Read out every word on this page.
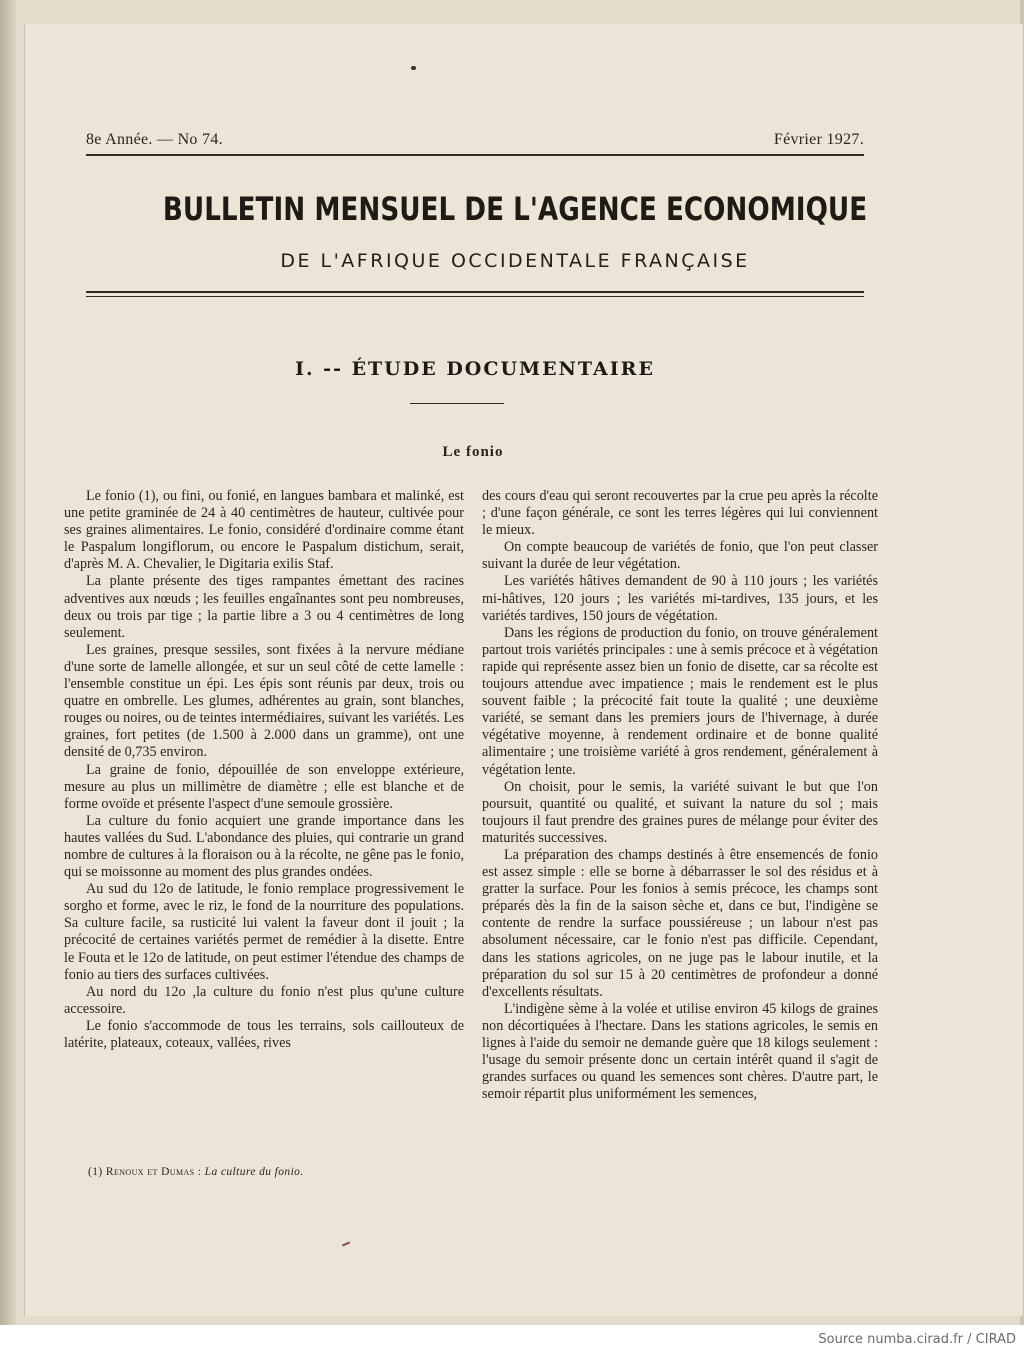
8e Année. — No 74.	Février 1927.
BULLETIN MENSUEL DE L'AGENCE ECONOMIQUE
DE L'AFRIQUE OCCIDENTALE FRANÇAISE
I. -- ÉTUDE DOCUMENTAIRE
Le fonio

Le fonio (1), ou fini, ou fonié, en langues bambara et malinké, est une petite graminée de 24 à 40 centimètres de hauteur, cultivée pour ses graines alimentaires. Le fonio, considéré d'ordinaire comme étant le Paspalum longiflorum, ou encore le Paspalum distichum, serait, d'après M. A. Chevalier, le Digitaria exilis Staf.

La plante présente des tiges rampantes émettant des racines adventives aux nœuds ; les feuilles engaînantes sont peu nombreuses, deux ou trois par tige ; la partie libre a 3 ou 4 centimètres de long seulement.

Les graines, presque sessiles, sont fixées à la nervure médiane d'une sorte de lamelle allongée, et sur un seul côté de cette lamelle : l'ensemble constitue un épi. Les épis sont réunis par deux, trois ou quatre en ombrelle. Les glumes, adhérentes au grain, sont blanches, rouges ou noires, ou de teintes intermédiaires, suivant les variétés. Les graines, fort petites (de 1.500 à 2.000 dans un gramme), ont une densité de 0,735 environ.

La graine de fonio, dépouillée de son enveloppe extérieure, mesure au plus un millimètre de diamètre ; elle est blanche et de forme ovoïde et présente l'aspect d'une semoule grossière.

La culture du fonio acquiert une grande importance dans les hautes vallées du Sud. L'abondance des pluies, qui contrarie un grand nombre de cultures à la floraison ou à la récolte, ne gêne pas le fonio, qui se moissonne au moment des plus grandes ondées.

Au sud du 12o de latitude, le fonio remplace progressivement le sorgho et forme, avec le riz, le fond de la nourriture des populations. Sa culture facile, sa rusticité lui valent la faveur dont il jouit ; la précocité de certaines variétés permet de remédier à la disette. Entre le Fouta et le 12o de latitude, on peut estimer l'étendue des champs de fonio au tiers des surfaces cultivées.

Au nord du 12o ,la culture du fonio n'est plus qu'une culture accessoire.

Le fonio s'accommode de tous les terrains, sols caillouteux de latérite, plateaux, coteaux, vallées, rives

des cours d'eau qui seront recouvertes par la crue peu après la récolte ; d'une façon générale, ce sont les terres légères qui lui conviennent le mieux.

On compte beaucoup de variétés de fonio, que l'on peut classer suivant la durée de leur végétation.

Les variétés hâtives demandent de 90 à 110 jours ; les variétés mi-hâtives, 120 jours ; les variétés mi-tardives, 135 jours, et les variétés tardives, 150 jours de végétation.

Dans les régions de production du fonio, on trouve généralement partout trois variétés principales : une à semis précoce et à végétation rapide qui représente assez bien un fonio de disette, car sa récolte est toujours attendue avec impatience ; mais le rendement est le plus souvent faible ; la précocité fait toute la qualité ; une deuxième variété, se semant dans les premiers jours de l'hivernage, à durée végétative moyenne, à rendement ordinaire et de bonne qualité alimentaire ; une troisième variété à gros rendement, généralement à végétation lente.

On choisit, pour le semis, la variété suivant le but que l'on poursuit, quantité ou qualité, et suivant la nature du sol ; mais toujours il faut prendre des graines pures de mélange pour éviter des maturités successives.

La préparation des champs destinés à être ensemencés de fonio est assez simple : elle se borne à débarrasser le sol des résidus et à gratter la surface. Pour les fonios à semis précoce, les champs sont préparés dès la fin de la saison sèche et, dans ce but, l'indigène se contente de rendre la surface poussiéreuse ; un labour n'est pas absolument nécessaire, car le fonio n'est pas difficile. Cependant, dans les stations agricoles, on ne juge pas le labour inutile, et la préparation du sol sur 15 à 20 centimètres de profondeur a donné d'excellents résultats.

L'indigène sème à la volée et utilise environ 45 kilogs de graines non décortiquées à l'hectare. Dans les stations agricoles, le semis en lignes à l'aide du semoir ne demande guère que 18 kilogs seulement : l'usage du semoir présente donc un certain intérêt quand il s'agit de grandes surfaces ou quand les semences sont chères. D'autre part, le semoir répartit plus uniformément les semences,

(1) Renoux et Dumas : La culture du fonio.
Source numba.cirad.fr / CIRAD
